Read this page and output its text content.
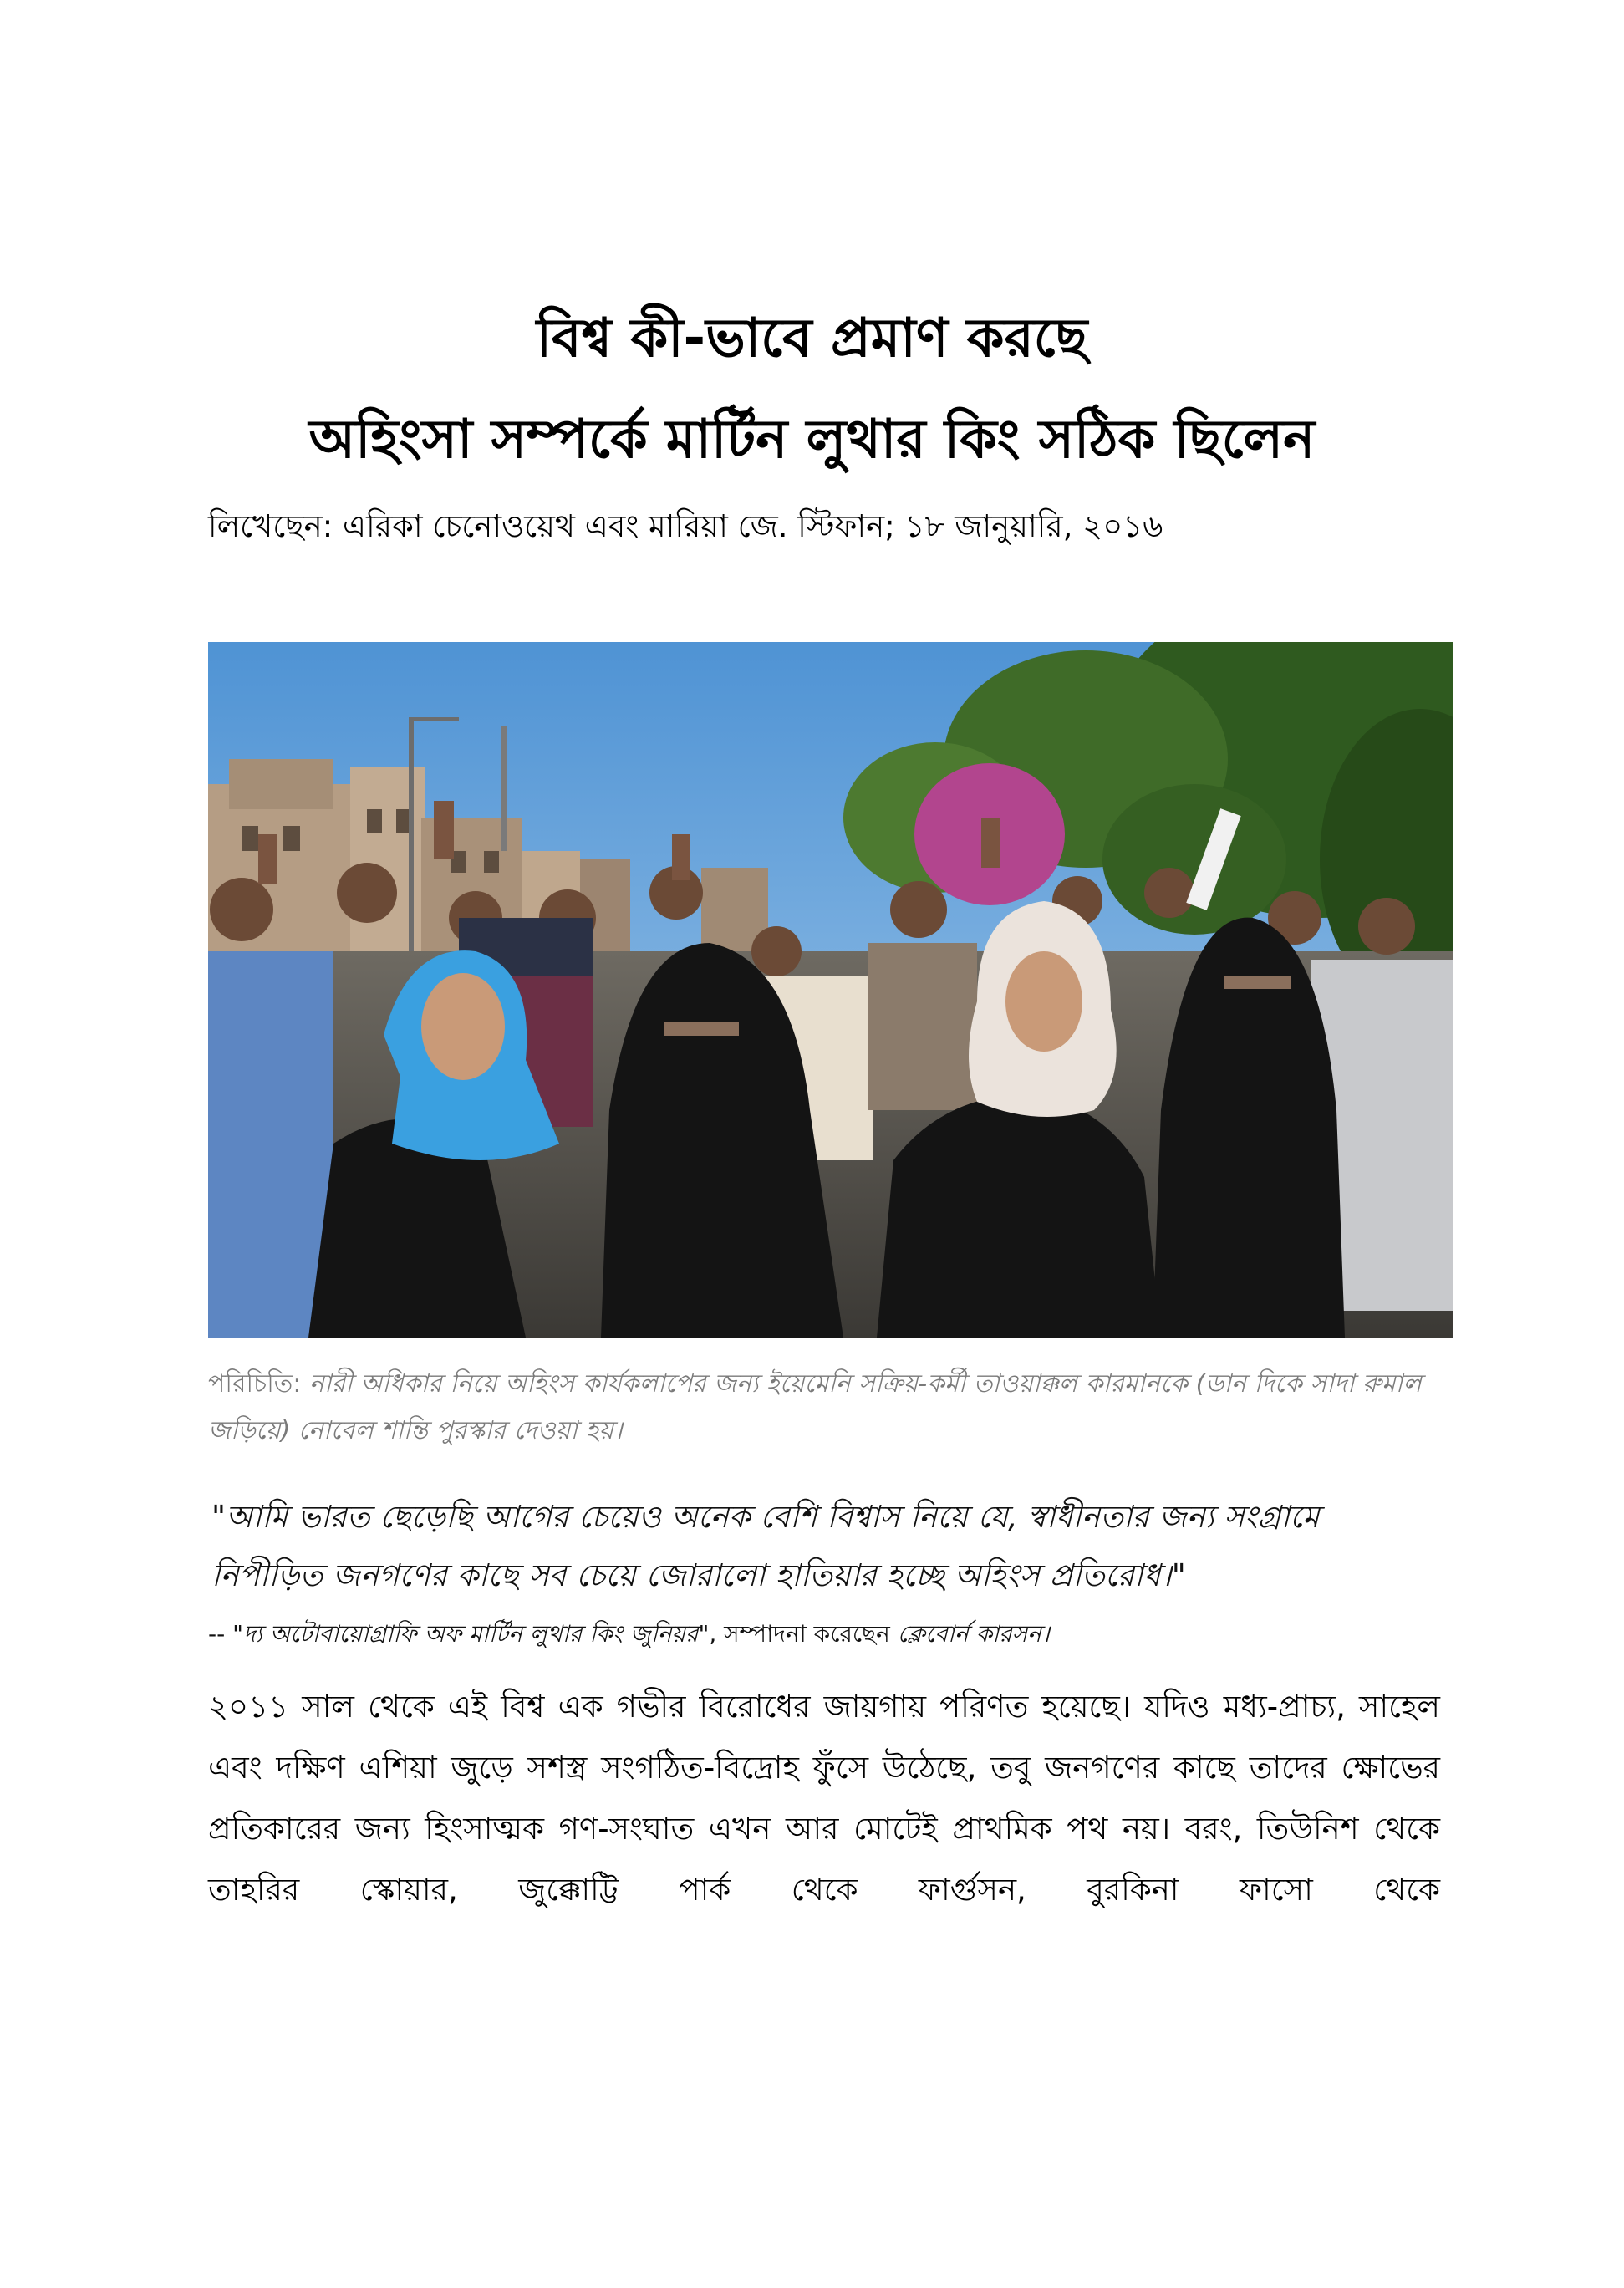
বিশ্ব কী-ভাবে প্রমাণ করছে
অহিংসা সম্পর্কে মার্টিন লুথার কিং সঠিক ছিলেন
লিখেছেন: এরিকা চেনোওয়েথ এবং মারিয়া জে. স্টিফান; ১৮ জানুয়ারি, ২০১৬
পরিচিতি: নারী অধিকার নিয়ে অহিংস কার্যকলাপের জন্য ইয়েমেনি সক্রিয়-কর্মী তাওয়াক্কল কারমানকে (ডান দিকে সাদা রুমাল জড়িয়ে) নোবেল শান্তি পুরস্কার দেওয়া হয়।
"আমি ভারত ছেড়েছি আগের চেয়েও অনেক বেশি বিশ্বাস নিয়ে যে, স্বাধীনতার জন্য সংগ্রামে নিপীড়িত জনগণের কাছে সব চেয়ে জোরালো হাতিয়ার হচ্ছে অহিংস প্রতিরোধ।"
-- "দ্য অটোবায়োগ্রাফি অফ মার্টিন লুথার কিং জুনিয়র", সম্পাদনা করেছেন ক্লেবোর্ন কারসন।
২০১১ সাল থেকে এই বিশ্ব এক গভীর বিরোধের জায়গায় পরিণত হয়েছে। যদিও মধ্য-প্রাচ্য, সাহেল এবং দক্ষিণ এশিয়া জুড়ে সশস্ত্র সংগঠিত-বিদ্রোহ ফুঁসে উঠেছে, তবু জনগণের কাছে তাদের ক্ষোভের প্রতিকারের জন্য হিংসাত্মক গণ-সংঘাত এখন আর মোটেই প্রাথমিক পথ নয়। বরং, তিউনিশ থেকে তাহরির স্কোয়ার, জুক্কোট্টি পার্ক থেকে ফার্গুসন, বুরকিনা ফাসো থেকে
